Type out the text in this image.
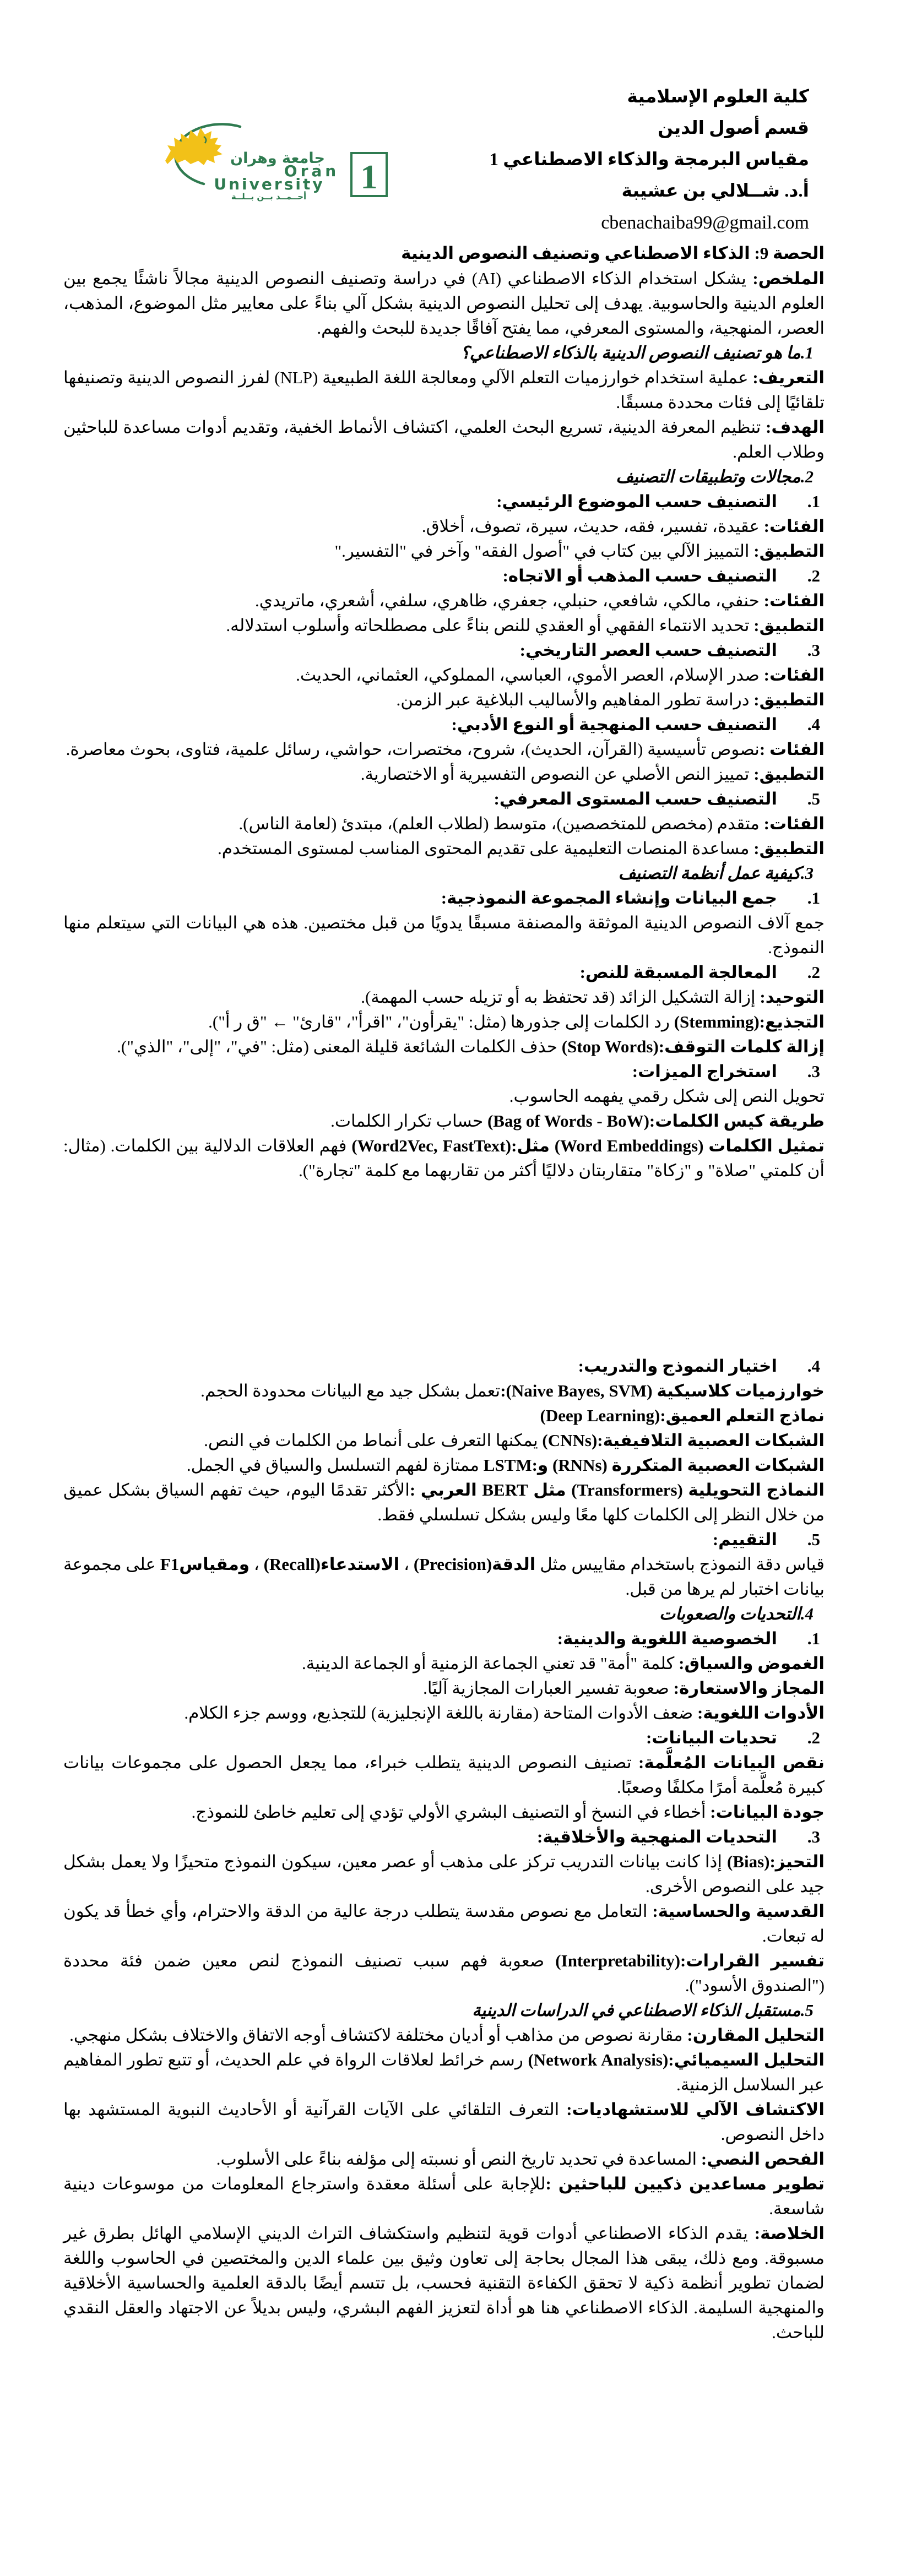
جامعة وهران
Oran
University
أحــمــد بــن بــلــة
1
كلية العلوم الإسلامية
قسم أصول الدين
مقياس البرمجة والذكاء الاصطناعي 1
أ.د. شــلالي بن عشيبة
cbenachaiba99@gmail.com

الحصة 9: الذكاء الاصطناعي وتصنيف النصوص الدينية

الملخص: يشكل استخدام الذكاء الاصطناعي (AI) في دراسة وتصنيف النصوص الدينية مجالاً ناشئًا يجمع بين العلوم الدينية والحاسوبية. يهدف إلى تحليل النصوص الدينية بشكل آلي بناءً على معايير مثل الموضوع، المذهب، العصر، المنهجية، والمستوى المعرفي، مما يفتح آفاقًا جديدة للبحث والفهم.

1.ما هو تصنيف النصوص الدينية بالذكاء الاصطناعي؟

التعريف: عملية استخدام خوارزميات التعلم الآلي ومعالجة اللغة الطبيعية (NLP) لفرز النصوص الدينية وتصنيفها تلقائيًا إلى فئات محددة مسبقًا.

الهدف: تنظيم المعرفة الدينية، تسريع البحث العلمي، اكتشاف الأنماط الخفية، وتقديم أدوات مساعدة للباحثين وطلاب العلم.

2.مجالات وتطبيقات التصنيف

1.التصنيف حسب الموضوع الرئيسي:

الفئات: عقيدة، تفسير، فقه، حديث، سيرة، تصوف، أخلاق.

التطبيق: التمييز الآلي بين كتاب في "أصول الفقه" وآخر في "التفسير."

2.التصنيف حسب المذهب أو الاتجاه:

الفئات: حنفي، مالكي، شافعي، حنبلي، جعفري، ظاهري، سلفي، أشعري، ماتريدي.

التطبيق: تحديد الانتماء الفقهي أو العقدي للنص بناءً على مصطلحاته وأسلوب استدلاله.

3.التصنيف حسب العصر التاريخي:

الفئات: صدر الإسلام، العصر الأموي، العباسي، المملوكي، العثماني، الحديث.

التطبيق: دراسة تطور المفاهيم والأساليب البلاغية عبر الزمن.

4.التصنيف حسب المنهجية أو النوع الأدبي:

الفئات :نصوص تأسيسية (القرآن، الحديث)، شروح، مختصرات، حواشي، رسائل علمية، فتاوى، بحوث معاصرة.

التطبيق: تمييز النص الأصلي عن النصوص التفسيرية أو الاختصارية.

5.التصنيف حسب المستوى المعرفي:

الفئات: متقدم (مخصص للمتخصصين)، متوسط (لطلاب العلم)، مبتدئ (لعامة الناس).

التطبيق: مساعدة المنصات التعليمية على تقديم المحتوى المناسب لمستوى المستخدم.

3.كيفية عمل أنظمة التصنيف

1.جمع البيانات وإنشاء المجموعة النموذجية:

جمع آلاف النصوص الدينية الموثقة والمصنفة مسبقًا يدويًا من قبل مختصين. هذه هي البيانات التي سيتعلم منها النموذج.

2.المعالجة المسبقة للنص:

التوحيد: إزالة التشكيل الزائد (قد تحتفظ به أو تزيله حسب المهمة).

التجذيع:(Stemming) رد الكلمات إلى جذورها (مثل: "يقرأون"، "اقرأ"، "قارئ" ← "ق ر أ").

إزالة كلمات التوقف:(Stop Words) حذف الكلمات الشائعة قليلة المعنى (مثل: "في"، "إلى"، "الذي").

3.استخراج الميزات:

تحويل النص إلى شكل رقمي يفهمه الحاسوب.

طريقة كيس الكلمات:(Bag of Words - BoW) حساب تكرار الكلمات.

تمثيل الكلمات (Word Embeddings) مثل:(Word2Vec, FastText) فهم العلاقات الدلالية بين الكلمات. (مثال: أن كلمتي "صلاة" و "زكاة" متقاربتان دلاليًا أكثر من تقاربهما مع كلمة "تجارة").

4.اختيار النموذج والتدريب:

خوارزميات كلاسيكية (Naive Bayes, SVM):تعمل بشكل جيد مع البيانات محدودة الحجم.

نماذج التعلم العميق:(Deep Learning)

الشبكات العصبية التلافيفية:(CNNs) يمكنها التعرف على أنماط من الكلمات في النص.

الشبكات العصبية المتكررة (RNNs) و:LSTM ممتازة لفهم التسلسل والسياق في الجمل.

النماذج التحويلية (Transformers) مثل BERT العربي :الأكثر تقدمًا اليوم، حيث تفهم السياق بشكل عميق من خلال النظر إلى الكلمات كلها معًا وليس بشكل تسلسلي فقط.

5.التقييم:

قياس دقة النموذج باستخدام مقاييس مثل الدقة(Precision) ، الاستدعاء(Recall) ، ومقياسF1 على مجموعة بيانات اختبار لم يرها من قبل.

4.التحديات والصعوبات

1.الخصوصية اللغوية والدينية:

الغموض والسياق: كلمة "أمة" قد تعني الجماعة الزمنية أو الجماعة الدينية.

المجاز والاستعارة: صعوبة تفسير العبارات المجازية آليًا.

الأدوات اللغوية: ضعف الأدوات المتاحة (مقارنة باللغة الإنجليزية) للتجذيع، ووسم جزء الكلام.

2.تحديات البيانات:

نقص البيانات المُعلَّمة: تصنيف النصوص الدينية يتطلب خبراء، مما يجعل الحصول على مجموعات بيانات كبيرة مُعلَّمة أمرًا مكلفًا وصعبًا.

جودة البيانات: أخطاء في النسخ أو التصنيف البشري الأولي تؤدي إلى تعليم خاطئ للنموذج.

3.التحديات المنهجية والأخلاقية:

التحيز:(Bias) إذا كانت بيانات التدريب تركز على مذهب أو عصر معين، سيكون النموذج متحيزًا ولا يعمل بشكل جيد على النصوص الأخرى.

القدسية والحساسية: التعامل مع نصوص مقدسة يتطلب درجة عالية من الدقة والاحترام، وأي خطأ قد يكون له تبعات.

تفسير القرارات:(Interpretability) صعوبة فهم سبب تصنيف النموذج لنص معين ضمن فئة محددة ("الصندوق الأسود").

5.مستقبل الذكاء الاصطناعي في الدراسات الدينية

التحليل المقارن: مقارنة نصوص من مذاهب أو أديان مختلفة لاكتشاف أوجه الاتفاق والاختلاف بشكل منهجي.

التحليل السيميائي:(Network Analysis) رسم خرائط لعلاقات الرواة في علم الحديث، أو تتبع تطور المفاهيم عبر السلاسل الزمنية.

الاكتشاف الآلي للاستشهاديات: التعرف التلقائي على الآيات القرآنية أو الأحاديث النبوية المستشهد بها داخل النصوص.

الفحص النصي: المساعدة في تحديد تاريخ النص أو نسبته إلى مؤلفه بناءً على الأسلوب.

تطوير مساعدين ذكيين للباحثين :للإجابة على أسئلة معقدة واسترجاع المعلومات من موسوعات دينية شاسعة.

الخلاصة: يقدم الذكاء الاصطناعي أدوات قوية لتنظيم واستكشاف التراث الديني الإسلامي الهائل بطرق غير مسبوقة. ومع ذلك، يبقى هذا المجال بحاجة إلى تعاون وثيق بين علماء الدين والمختصين في الحاسوب واللغة لضمان تطوير أنظمة ذكية لا تحقق الكفاءة التقنية فحسب، بل تتسم أيضًا بالدقة العلمية والحساسية الأخلاقية والمنهجية السليمة. الذكاء الاصطناعي هنا هو أداة لتعزيز الفهم البشري، وليس بديلاً عن الاجتهاد والعقل النقدي للباحث.
